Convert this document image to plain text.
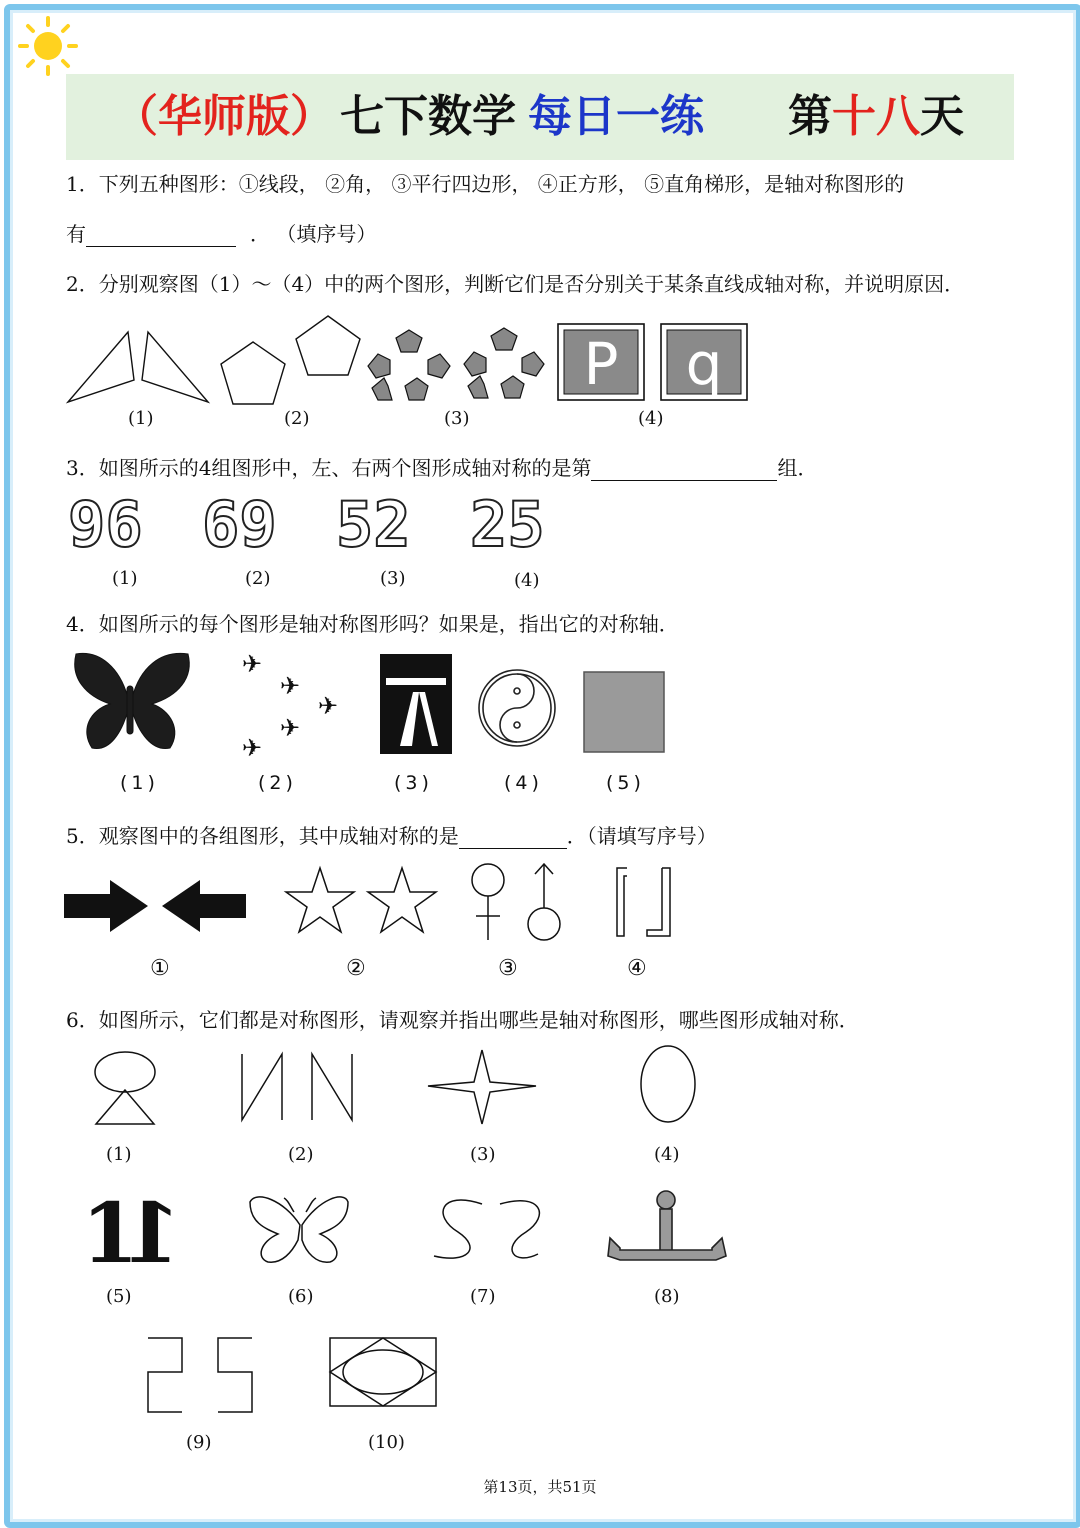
（华师版） 七下数学 每日一练 第十八天
1．下列五种图形：①线段， ②角， ③平行四边形， ④正方形， ⑤直角梯形，是轴对称图形的
有	． （填序号）
2．分别观察图（1）～（4）中的两个图形，判断它们是否分别关于某条直线成轴对称，并说明原因．
P q
(1)	(2)	(3)	(4)
3．如图所示的4组图形中，左、右两个图形成轴对称的是第	组．
96 69 52 25
(1)	(2)	(3)	(4)
4．如图所示的每个图形是轴对称图形吗？如果是，指出它的对称轴．
✈
✈
✈
✈
✈
(1)	(2)	(3)	(4)	(5)
5．观察图中的各组图形，其中成轴对称的是	．（请填写序号）
①	②	③	④
6．如图所示，它们都是对称图形，请观察并指出哪些是轴对称图形，哪些图形成轴对称．
1
1
(1)	(2)	(3)	(4)
(5)	(6)	(7)	(8)
(9)	(10)
第13页，共51页
